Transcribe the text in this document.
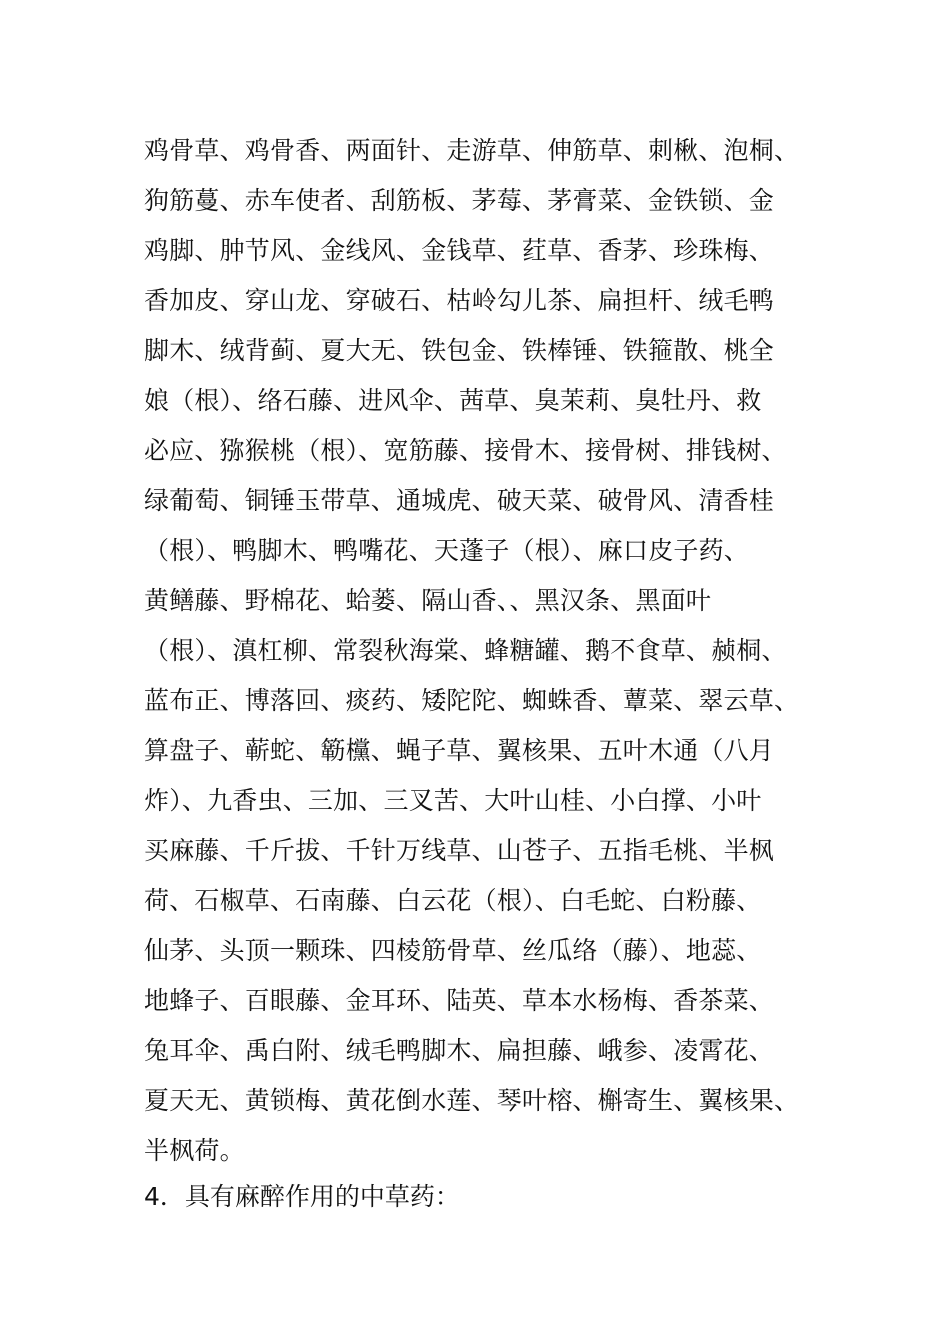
鸡骨草、鸡骨香、两面针、走游草、伸筋草、刺楸、泡桐、
狗筋蔓、赤车使者、刮筋板、茅莓、茅膏菜、金铁锁、金
鸡脚、肿节风、金线风、金钱草、荭草、香茅、珍珠梅、
香加皮、穿山龙、穿破石、枯岭勾儿茶、扁担杆、绒毛鸭
脚木、绒背蓟、夏大无、铁包金、铁棒锤、铁箍散、桃全
娘（根）、络石藤、进风伞、茜草、臭茉莉、臭牡丹、救
必应、猕猴桃（根）、宽筋藤、接骨木、接骨树、排钱树、
绿葡萄、铜锤玉带草、通城虎、破天菜、破骨风、清香桂
（根）、鸭脚木、鸭嘴花、天蓬子（根）、麻口皮子药、
黄鳝藤、野棉花、蛤蒌、隔山香、、黑汉条、黑面叶
（根）、滇杠柳、常裂秋海棠、蜂糖罐、鹅不食草、赪桐、
蓝布正、博落回、痰药、矮陀陀、蜘蛛香、蕈菜、翠云草、
算盘子、蕲蛇、簕欓、蝇子草、翼核果、五叶木通（八月
炸）、九香虫、三加、三叉苦、大叶山桂、小白撑、小叶
买麻藤、千斤拔、千针万线草、山苍子、五指毛桃、半枫
荷、石椒草、石南藤、白云花（根）、白毛蛇、白粉藤、
仙茅、头顶一颗珠、四棱筋骨草、丝瓜络（藤）、地蕊、
地蜂子、百眼藤、金耳环、陆英、草本水杨梅、香茶菜、
兔耳伞、禹白附、绒毛鸭脚木、扁担藤、峨参、凌霄花、
夏天无、黄锁梅、黄花倒水莲、琴叶榕、槲寄生、翼核果、
半枫荷。
4．具有麻醉作用的中草药：
